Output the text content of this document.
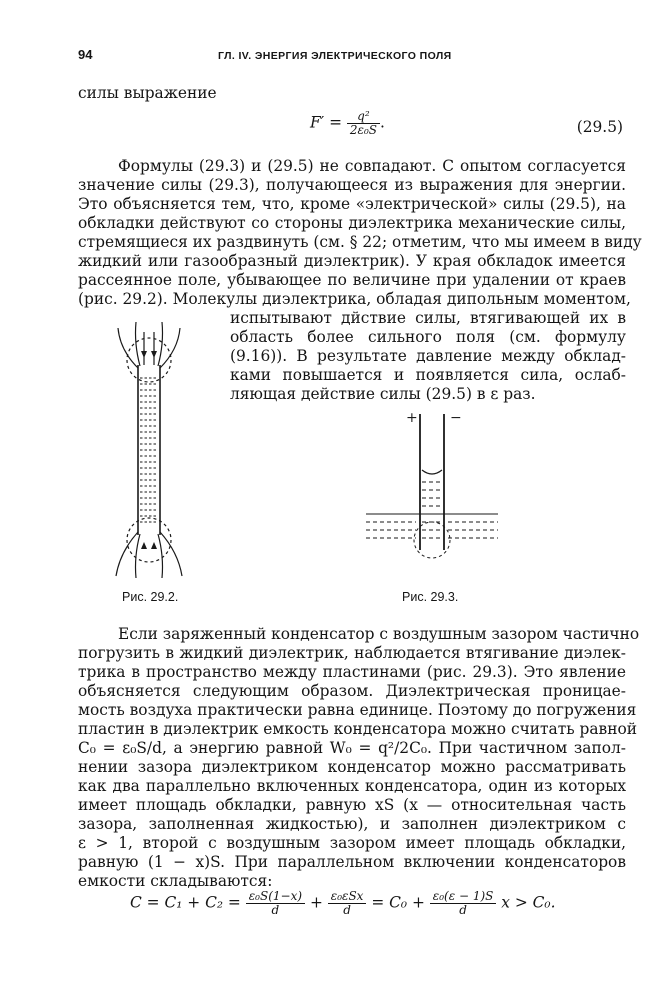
94	ГЛ. IV. ЭНЕРГИЯ ЭЛЕКТРИЧЕСКОГО ПОЛЯ
силы выражение
$F' = \frac{\text{q²}}{\text{2ε₀S}}$ .	(29.5)
Формулы (29.3) и (29.5) не совпадают. С опытом согласуется
значение силы (29.3), получающееся из выражения для энергии.
Это объясняется тем, что, кроме «электрической» силы (29.5), на
обкладки действуют со стороны диэлектрика механические силы,
стремящиеся их раздвинуть (см. § 22; отметим, что мы имеем в виду
жидкий или газообразный диэлектрик). У края обкладок имеется
рассеянное поле, убывающее по величине при удалении от краев
(рис. 29.2). Молекулы диэлектрика, обладая дипольным моментом,
испытывают дйствие силы, втягивающей их в
область более сильного поля (см. формулу
(9.16)). В результате давление между обклад-
ками повышается и появляется сила, ослаб-
ляющая действие силы (29.5) в ε раз.
+ −
Рис. 29.2.	Рис. 29.3.
Если заряженный конденсатор с воздушным зазором частично
погрузить в жидкий диэлектрик, наблюдается втягивание диэлек-
трика в пространство между пластинами (рис. 29.3). Это явление
объясняется следующим образом. Диэлектрическая проницае-
мость воздуха практически равна единице. Поэтому до погружения
пластин в диэлектрик емкость конденсатора можно считать равной
C₀ = ε₀S/d, а энергию равной W₀ = q²/2C₀. При частичном запол-
нении зазора диэлектриком конденсатор можно рассматривать
как два параллельно включенных конденсатора, один из которых
имеет площадь обкладки, равную xS (x — относительная часть
зазора, заполненная жидкостью), и заполнен диэлектриком с
ε > 1, второй с воздушным зазором имеет площадь обкладки,
равную (1 − x)S. При параллельном включении конденсаторов
емкости складываются:
$C = C_1 + C_2 = \frac{\text{ε₀S(1−x)}}{d} + \frac{\text{ε₀εSx}}{d} = C_0 + \frac{\text{ε₀(ε − 1)S}}{d}$ x > C₀.
